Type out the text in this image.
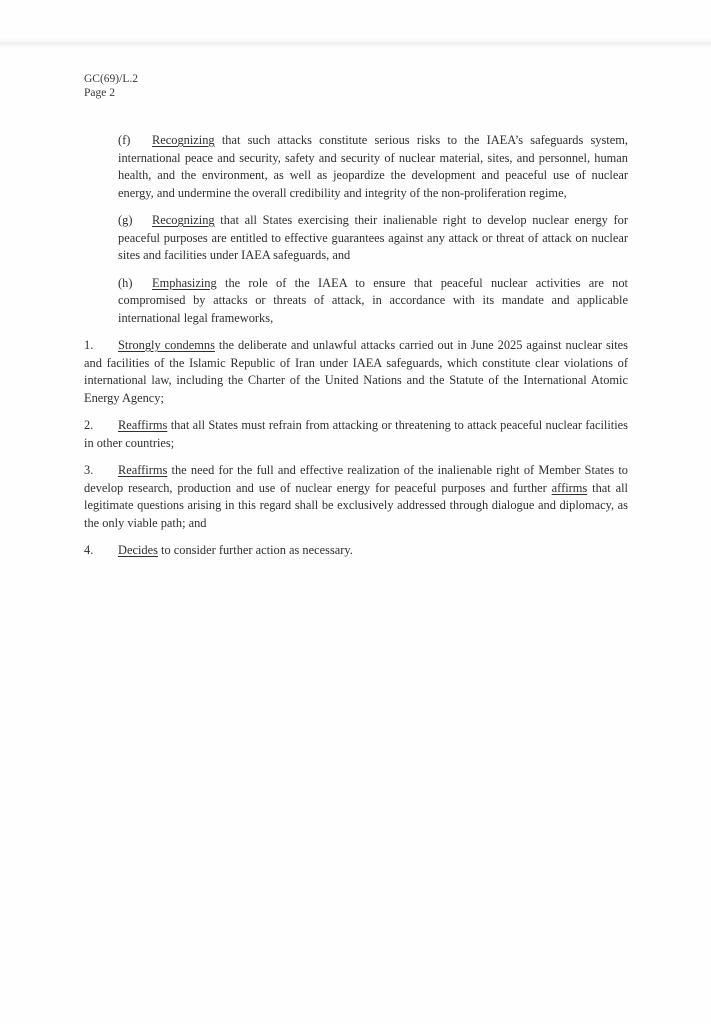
GC(69)/L.2
Page 2

(f) Recognizing that such attacks constitute serious risks to the IAEA’s safeguards system, international peace and security, safety and security of nuclear material, sites, and personnel, human health, and the environment, as well as jeopardize the development and peaceful use of nuclear energy, and undermine the overall credibility and integrity of the non-proliferation regime,

(g) Recognizing that all States exercising their inalienable right to develop nuclear energy for peaceful purposes are entitled to effective guarantees against any attack or threat of attack on nuclear sites and facilities under IAEA safeguards, and

(h) Emphasizing the role of the IAEA to ensure that peaceful nuclear activities are not compromised by attacks or threats of attack, in accordance with its mandate and applicable international legal frameworks,

1. Strongly condemns the deliberate and unlawful attacks carried out in June 2025 against nuclear sites and facilities of the Islamic Republic of Iran under IAEA safeguards, which constitute clear violations of international law, including the Charter of the United Nations and the Statute of the International Atomic Energy Agency;

2. Reaffirms that all States must refrain from attacking or threatening to attack peaceful nuclear facilities in other countries;

3. Reaffirms the need for the full and effective realization of the inalienable right of Member States to develop research, production and use of nuclear energy for peaceful purposes and further affirms that all legitimate questions arising in this regard shall be exclusively addressed through dialogue and diplomacy, as the only viable path; and

4. Decides to consider further action as necessary.
